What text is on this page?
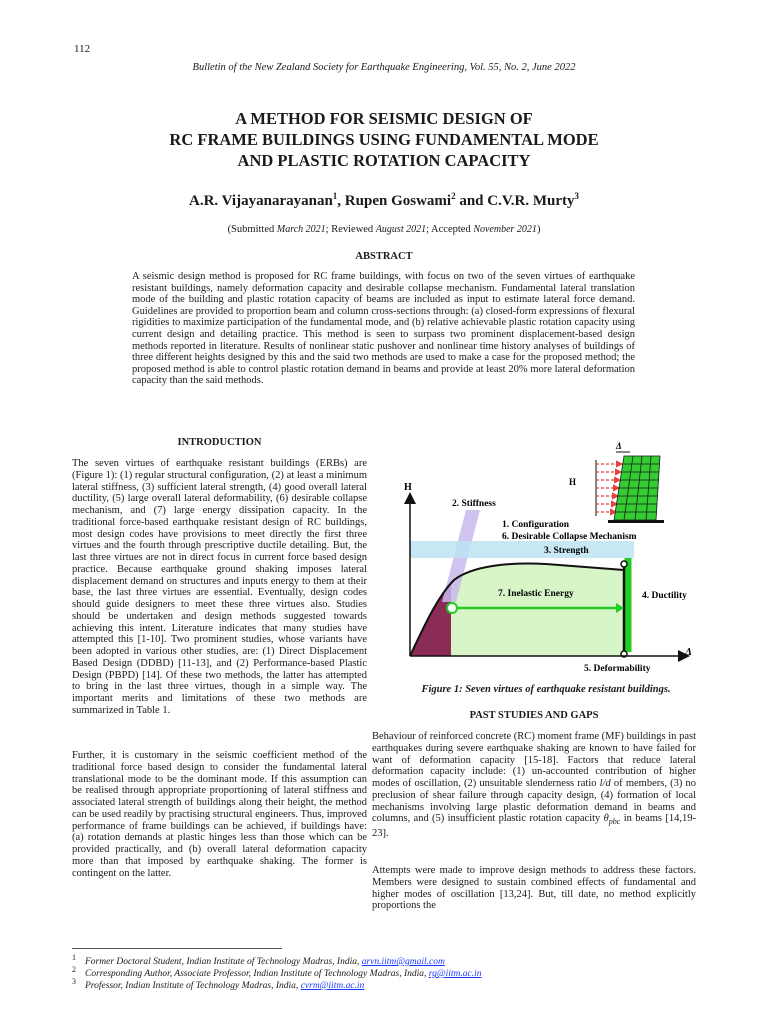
112
Bulletin of the New Zealand Society for Earthquake Engineering, Vol. 55, No. 2, June 2022
A METHOD FOR SEISMIC DESIGN OF
RC FRAME BUILDINGS USING FUNDAMENTAL MODE
AND PLASTIC ROTATION CAPACITY
A.R. Vijayanarayanan$^1$, Rupen Goswami$^2$ and C.V.R. Murty$^3$
(Submitted March 2021; Reviewed August 2021; Accepted November 2021)
ABSTRACT

A seismic design method is proposed for RC frame buildings, with focus on two of the seven virtues of earthquake resistant buildings, namely deformation capacity and desirable collapse mechanism. Fundamental lateral translation mode of the building and plastic rotation capacity of beams are included as input to estimate lateral force demand. Guidelines are provided to proportion beam and column cross-sections through: (a) closed-form expressions of flexural rigidities to maximize participation of the fundamental mode, and (b) relative achievable plastic rotation capacity using current design and detailing practice. This method is seen to surpass two prominent displacement-based design methods reported in literature. Results of nonlinear static pushover and nonlinear time history analyses of buildings of three different heights designed by this and the said two methods are used to make a case for the proposed method; the proposed method is able to control plastic rotation demand in beams and provide at least 20% more lateral deformation capacity than the said methods.

INTRODUCTION

The seven virtues of earthquake resistant buildings (ERBs) are (Figure 1): (1) regular structural configuration, (2) at least a minimum lateral stiffness, (3) sufficient lateral strength, (4) good overall lateral ductility, (5) large overall lateral deformability, (6) desirable collapse mechanism, and (7) large energy dissipation capacity. In the traditional force-based earthquake resistant design of RC buildings, most design codes have provisions to meet directly the first three virtues and the fourth through prescriptive ductile detailing. But, the last three virtues are not in direct focus in current force based design practice. Because earthquake ground shaking imposes lateral displacement demand on structures and inputs energy to them at their base, the last three virtues are essential. Eventually, design codes should guide designers to meet these three virtues also. Studies should be undertaken and design methods suggested towards achieving this intent. Literature indicates that many studies have attempted this [1-10]. Two prominent studies, whose variants have been adopted in various other studies, are: (1) Direct Displacement Based Design (DDBD) [11-13], and (2) Performance-based Plastic Design (PBPD) [14]. Of these two methods, the latter has attempted to bring in the last three virtues, though in a simple way. The important merits and limitations of these two methods are summarized in Table 1.

Further, it is customary in the seismic coefficient method of the traditional force based design to consider the fundamental lateral translational mode to be the dominant mode. If this assumption can be realised through appropriate proportioning of lateral stiffness and associated lateral strength of buildings along their height, the method can be used readily by practising structural engineers. Thus, improved performance of frame buildings can be achieved, if buildings have: (a) rotation demands at plastic hinges less than those which can be provided practically, and (b) overall lateral deformation capacity more than that imposed by earthquake shaking. The former is contingent on the latter.

H
Δ
2. Stiffness
1. Configuration
6. Desirable Collapse Mechanism
3. Strength
7. Inelastic Energy	4. Ductility
5. Deformability
Δ
H
Figure 1: Seven virtues of earthquake resistant buildings.
PAST STUDIES AND GAPS

Behaviour of reinforced concrete (RC) moment frame (MF) buildings in past earthquakes during severe earthquake shaking are known to have failed for want of deformation capacity [15-18]. Factors that reduce lateral deformation capacity include: (1) un-accounted contribution of higher modes of oscillation, (2) unsuitable slenderness ratio l/d of members, (3) no preclusion of shear failure through capacity design, (4) formation of local mechanisms involving large plastic deformation demand in beams and columns, and (5) insufficient plastic rotation capacity $\theta_{pbc}$ in beams [14,19-23].

Attempts were made to improve design methods to address these factors. Members were designed to sustain combined effects of fundamental and higher modes of oscillation [13,24]. But, till date, no method explicitly proportions the

$^1$ Former Doctoral Student, Indian Institute of Technology Madras, India, arvn.iitm@gmail.com
$^2$ Corresponding Author, Associate Professor, Indian Institute of Technology Madras, India, rg@iitm.ac.in
$^3$ Professor, Indian Institute of Technology Madras, India, cvrm@iitm.ac.in
